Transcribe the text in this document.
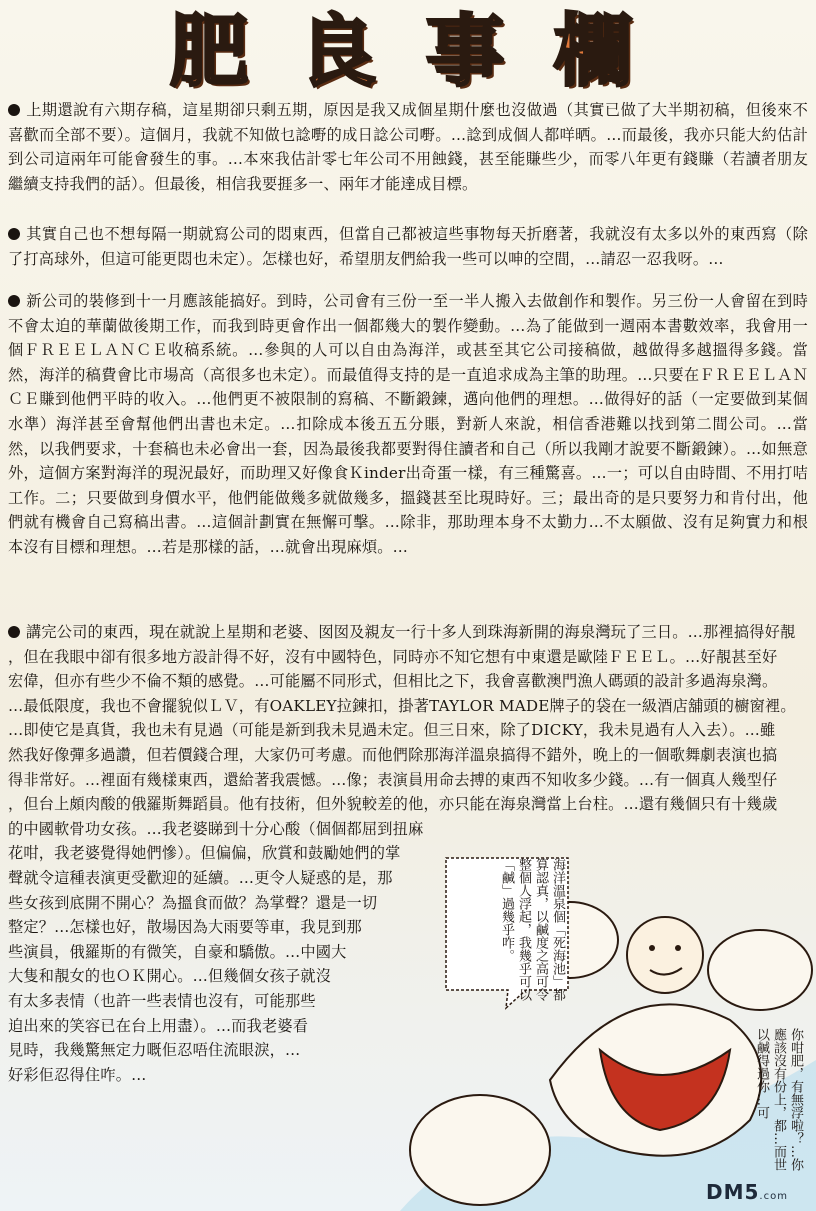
肥良事欄

上期還說有六期存稿，這星期卻只剩五期，原因是我又成個星期什麼也沒做過（其實已做了大半期初稿，但後來不喜歡而全部不要）。這個月，我就不知做乜諗嘢的成日諗公司嘢。…諗到成個人都咩晒。…而最後，我亦只能大約估計到公司這兩年可能會發生的事。…本來我估計零七年公司不用蝕錢，甚至能賺些少，而零八年更有錢賺（若讀者朋友繼續支持我們的話）。但最後，相信我要捱多一、兩年才能達成目標。

其實自己也不想每隔一期就寫公司的悶東西，但當自己都被這些事物每天折磨著，我就沒有太多以外的東西寫（除了打高球外，但這可能更悶也未定）。怎樣也好，希望朋友們給我一些可以呻的空間，…請忍一忍我呀。…

新公司的裝修到十一月應該能搞好。到時，公司會有三份一至一半人搬入去做創作和製作。另三份一人會留在到時不會太迫的華蘭做後期工作，而我到時更會作出一個都幾大的製作變動。…為了能做到一週兩本書數效率，我會用一個ＦＲＥＥＬＡＮＣＥ收稿系統。…參與的人可以自由為海洋，或甚至其它公司接稿做，越做得多越搵得多錢。當然，海洋的稿費會比市場高（高很多也未定）。而最值得支持的是一直追求成為主筆的助理。…只要在ＦＲＥＥＬＡＮＣＥ賺到他們平時的收入。…他們更不被限制的寫稿、不斷鍛鍊，邁向他們的理想。…做得好的話（一定要做到某個水準）海洋甚至會幫他們出書也未定。…扣除成本後五五分賬，對新人來說，相信香港難以找到第二間公司。…當然，以我們要求，十套稿也未必會出一套，因為最後我都要對得住讀者和自己（所以我剛才說要不斷鍛鍊）。…如無意外，這個方案對海洋的現況最好，而助理又好像食Ｋinder出奇蛋一樣，有三種驚喜。…一；可以自由時間、不用打咭工作。二；只要做到身價水平，他們能做幾多就做幾多，搵錢甚至比現時好。三；最出奇的是只要努力和肯付出，他們就有機會自己寫稿出書。…這個計劃實在無懈可擊。…除非，那助理本身不太勤力…不太願做、沒有足夠實力和根本沒有目標和理想。…若是那樣的話，…就會出現麻煩。…

講完公司的東西，現在就說上星期和老婆、囡囡及親友一行十多人到珠海新開的海泉灣玩了三日。…那裡搞得好靚
，但在我眼中卻有很多地方設計得不好，沒有中國特色，同時亦不知它想有中東還是歐陸ＦＥＥＬ。…好靚甚至好
宏偉，但亦有些少不倫不類的感覺。…可能屬不同形式，但相比之下，我會喜歡澳門漁人碼頭的設計多過海泉灣。
…最低限度，我也不會擺貌似ＬＶ，有OAKLEY拉鍊扣，掛著TAYLOR MADE牌子的袋在一級酒店舖頭的櫥窗裡。
…即使它是真貨，我也未有見過（可能是新到我未見過未定。但三日來，除了DICKY，我未見過有人入去）。…雖
然我好像彈多過讚，但若價錢合理，大家仍可考慮。而他們除那海洋溫泉搞得不錯外，晚上的一個歌舞劇表演也搞
得非常好。…裡面有幾樣東西，還給著我震憾。…像；表演員用命去搏的東西不知收多少錢。…有一個真人幾型仔
，但台上頗肉酸的俄羅斯舞蹈員。他有技術，但外貌較差的他，亦只能在海泉灣當上台柱。…還有幾個只有十幾歲
的中國軟骨功女孩。…我老婆睇到十分心酸（個個都屈到扭麻
花咁，我老婆覺得她們慘）。但偏偏，欣賞和鼓勵她們的掌
聲就令這種表演更受歡迎的延續。…更令人疑惑的是，那
些女孩到底開不開心？為搵食而做？為掌聲？還是一切
整定？…怎樣也好，散場因為大雨要等車，我見到那
些演員，俄羅斯的有微笑，自豪和驕傲。…中國大
大隻和靚女的也ＯＫ開心。…但幾個女孩子就沒
有太多表情（也許一些表情也沒有，可能那些
迫出來的笑容已在台上用盡）。…而我老婆看
見時，我幾驚無定力嘅佢忍唔住流眼淚，…
好彩佢忍得住咋。…
海洋溫泉個「死海池」都算認真，以鹹度之高可令整個人浮起，我幾乎可以「鹹」過幾乎咋。
你咁肥，有無浮啦？…你應該沒有份上，都…而世以鹹得過你…可
DM5.com
